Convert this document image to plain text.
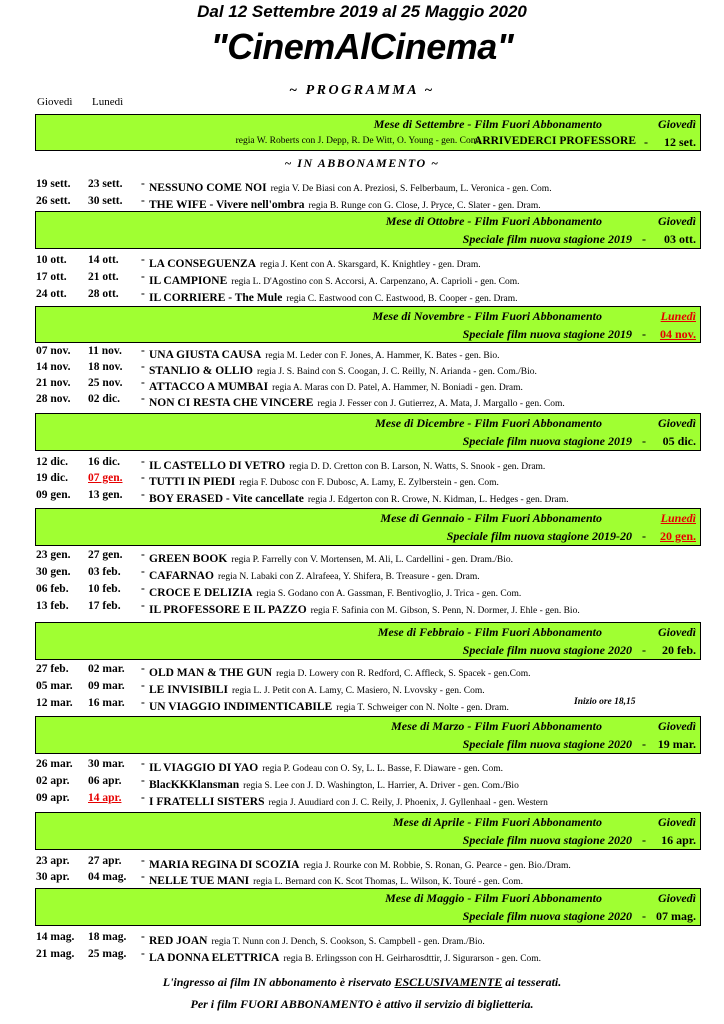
Dal 12 Settembre 2019 al 25 Maggio 2020
"CinemAlCinema"
~ PROGRAMMA ~
Giovedì Lunedì
Mese di Settembre - Film Fuori Abbonamento	Giovedì
regia W. Roberts con J. Depp, R. De Witt, O. Young - gen. Com. -
ARRIVEDERCI PROFESSORE - 12 set.
~ IN ABBONAMENTO ~
Mese di Ottobre - Film Fuori Abbonamento	Giovedì
Speciale film nuova stagione 2019 - 03 ott.
Mese di Novembre - Film Fuori Abbonamento	Lunedì
Speciale film nuova stagione 2019 - 04 nov.
Mese di Dicembre - Film Fuori Abbonamento	Giovedì
Speciale film nuova stagione 2019 - 05 dic.
Mese di Gennaio - Film Fuori Abbonamento	Lunedì
Speciale film nuova stagione 2019-20 - 20 gen.
Mese di Febbraio - Film Fuori Abbonamento	Giovedì
Speciale film nuova stagione 2020 - 20 feb.
Mese di Marzo - Film Fuori Abbonamento	Giovedì
Speciale film nuova stagione 2020 - 19 mar.
Mese di Aprile - Film Fuori Abbonamento	Giovedì
Speciale film nuova stagione 2020 - 16 apr.
Mese di Maggio - Film Fuori Abbonamento	Giovedì
Speciale film nuova stagione 2020 - 07 mag.
19 sett. 23 sett. - NESSUNO COME NOI regia V. De Biasi con A. Preziosi, S. Felberbaum, L. Veronica - gen. Com.
26 sett. 30 sett. - THE WIFE - Vivere nell'ombra regia B. Runge con G. Close, J. Pryce, C. Slater - gen. Dram.
10 ott. 14 ott. - LA CONSEGUENZA regia J. Kent con A. Skarsgard, K. Knightley - gen. Dram.
17 ott. 21 ott. - IL CAMPIONE regia L. D'Agostino con S. Accorsi, A. Carpenzano, A. Caprioli - gen. Com.
24 ott. 28 ott. - IL CORRIERE - The Mule regia C. Eastwood con C. Eastwood, B. Cooper - gen. Dram.
07 nov. 11 nov. - UNA GIUSTA CAUSA regia M. Leder con F. Jones, A. Hammer, K. Bates - gen. Bio.
14 nov. 18 nov. - STANLIO & OLLIO regia J. S. Baind con S. Coogan, J. C. Reilly, N. Arianda - gen. Com./Bio.
21 nov. 25 nov. - ATTACCO A MUMBAI regia A. Maras con D. Patel, A. Hammer, N. Boniadi - gen. Dram.
28 nov. 02 dic. - NON CI RESTA CHE VINCERE regia J. Fesser con J. Gutierrez, A. Mata, J. Margallo - gen. Com.
12 dic. 16 dic. - IL CASTELLO DI VETRO regia D. D. Cretton con B. Larson, N. Watts, S. Snook - gen. Dram.
19 dic. 07 gen. - TUTTI IN PIEDI regia F. Dubosc con F. Dubosc, A. Lamy, E. Zylberstein - gen. Com.
09 gen. 13 gen. - BOY ERASED - Vite cancellate regia J. Edgerton con R. Crowe, N. Kidman, L. Hedges - gen. Dram.
23 gen. 27 gen. - GREEN BOOK regia P. Farrelly con V. Mortensen, M. Ali, L. Cardellini - gen. Dram./Bio.
30 gen. 03 feb. - CAFARNAO regia N. Labaki con Z. Alrafeea, Y. Shifera, B. Treasure - gen. Dram.
06 feb. 10 feb. - CROCE E DELIZIA regia S. Godano con A. Gassman, F. Bentivoglio, J. Trica - gen. Com.
13 feb. 17 feb. - IL PROFESSORE E IL PAZZO regia F. Safinia con M. Gibson, S. Penn, N. Dormer, J. Ehle - gen. Bio.
27 feb. 02 mar. - OLD MAN & THE GUN regia D. Lowery con R. Redford, C. Affleck, S. Spacek - gen.Com.
05 mar. 09 mar. - LE INVISIBILI regia L. J. Petit con A. Lamy, C. Masiero, N. Lvovsky - gen. Com.
12 mar. 16 mar. - UN VIAGGIO INDIMENTICABILE regia T. Schweiger con N. Nolte - gen. Dram.
Inizio ore 18,15
26 mar. 30 mar. - IL VIAGGIO DI YAO regia P. Godeau con O. Sy, L. L. Basse, F. Diaware - gen. Com.
02 apr. 06 apr. - BlacKKKlansman regia S. Lee con J. D. Washington, L. Harrier, A. Driver - gen. Com./Bio
09 apr. 14 apr. - I FRATELLI SISTERS regia J. Auudiard con J. C. Reily, J. Phoenix, J. Gyllenhaal - gen. Western
23 apr. 27 apr. - MARIA REGINA DI SCOZIA regia J. Rourke con M. Robbie, S. Ronan, G. Pearce - gen. Bio./Dram.
30 apr. 04 mag. - NELLE TUE MANI regia L. Bernard con K. Scot Thomas, L. Wilson, K. Touré - gen. Com.
14 mag. 18 mag. - RED JOAN regia T. Nunn con J. Dench, S. Cookson, S. Campbell - gen. Dram./Bio.
21 mag. 25 mag. - LA DONNA ELETTRICA regia B. Erlingsson con H. Geirharosdttir, J. Sigurarson - gen. Com.
L'ingresso ai film IN abbonamento è riservato ESCLUSIVAMENTE ai tesserati.
Per i film FUORI ABBONAMENTO è attivo il servizio di biglietteria.
